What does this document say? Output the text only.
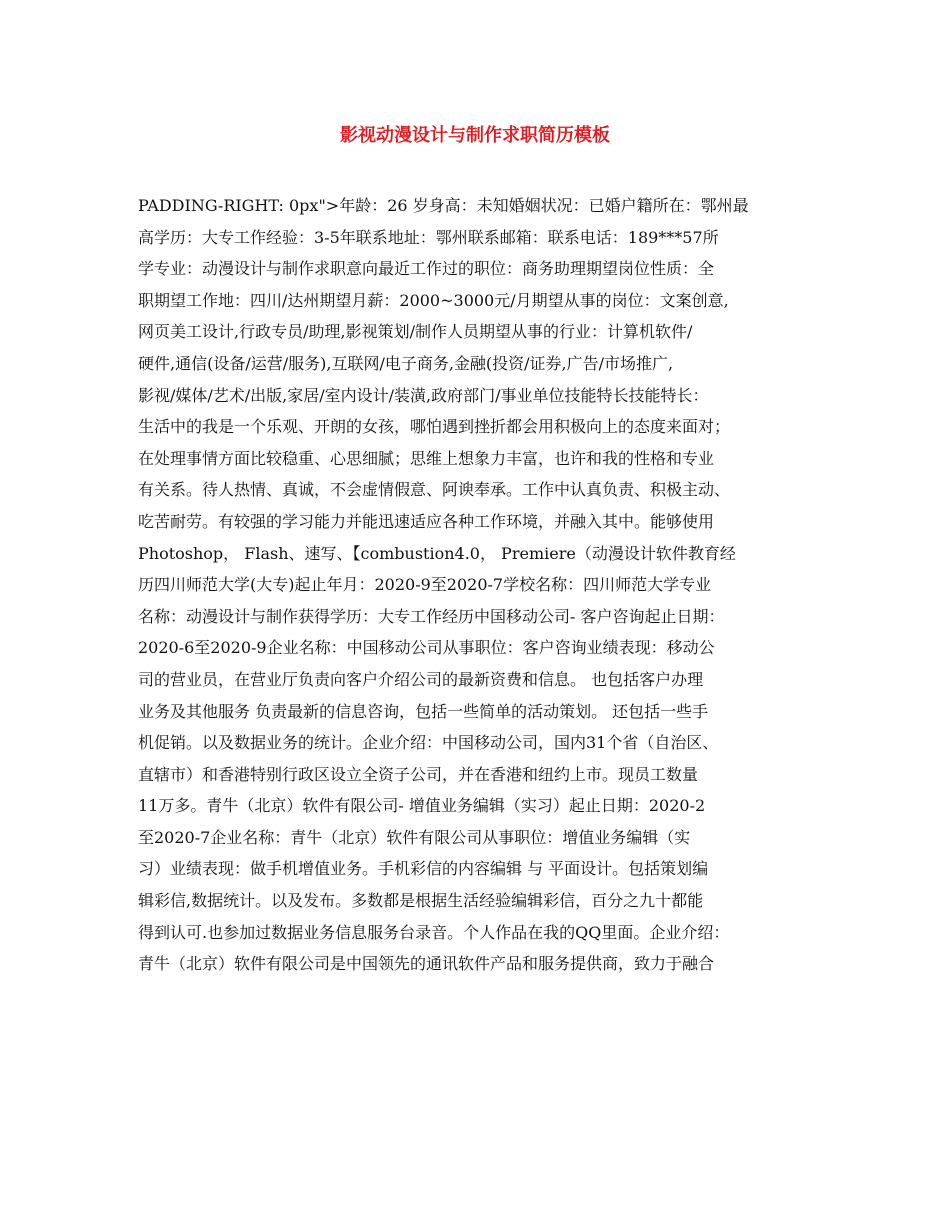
影视动漫设计与制作求职简历模板
PADDING-RIGHT: 0px">年龄：26 岁身高：未知婚姻状况：已婚户籍所在：鄂州最
高学历：大专工作经验：3-5年联系地址：鄂州联系邮箱：联系电话：189***57所
学专业：动漫设计与制作求职意向最近工作过的职位：商务助理期望岗位性质：全
职期望工作地：四川/达州期望月薪：2000~3000元/月期望从事的岗位：文案创意,
网页美工设计,行政专员/助理,影视策划/制作人员期望从事的行业：计算机软件/
硬件,通信(设备/运营/服务),互联网/电子商务,金融(投资/证券,广告/市场推广,
影视/媒体/艺术/出版,家居/室内设计/装潢,政府部门/事业单位技能特长技能特长：
生活中的我是一个乐观、开朗的女孩，哪怕遇到挫折都会用积极向上的态度来面对；
在处理事情方面比较稳重、心思细腻；思维上想象力丰富，也许和我的性格和专业
有关系。待人热情、真诚，不会虚情假意、阿谀奉承。工作中认真负责、积极主动、
吃苦耐劳。有较强的学习能力并能迅速适应各种工作环境，并融入其中。能够使用
Photoshop， Flash、速写、【combustion4.0， Premiere（动漫设计软件教育经
历四川师范大学(大专)起止年月：2020-9至2020-7学校名称：四川师范大学专业
名称：动漫设计与制作获得学历：大专工作经历中国移动公司- 客户咨询起止日期：
2020-6至2020-9企业名称：中国移动公司从事职位：客户咨询业绩表现：移动公
司的营业员，在营业厅负责向客户介绍公司的最新资费和信息。 也包括客户办理
业务及其他服务 负责最新的信息咨询，包括一些简单的活动策划。 还包括一些手
机促销。以及数据业务的统计。企业介绍：中国移动公司，国内31个省（自治区、
直辖市）和香港特别行政区设立全资子公司，并在香港和纽约上市。现员工数量
11万多。青牛（北京）软件有限公司- 增值业务编辑（实习）起止日期：2020-2
至2020-7企业名称：青牛（北京）软件有限公司从事职位：增值业务编辑（实
习）业绩表现：做手机增值业务。手机彩信的内容编辑 与 平面设计。包括策划编
辑彩信,数据统计。以及发布。多数都是根据生活经验编辑彩信，百分之九十都能
得到认可.也参加过数据业务信息服务台录音。个人作品在我的QQ里面。企业介绍：
青牛（北京）软件有限公司是中国领先的通讯软件产品和服务提供商，致力于融合
